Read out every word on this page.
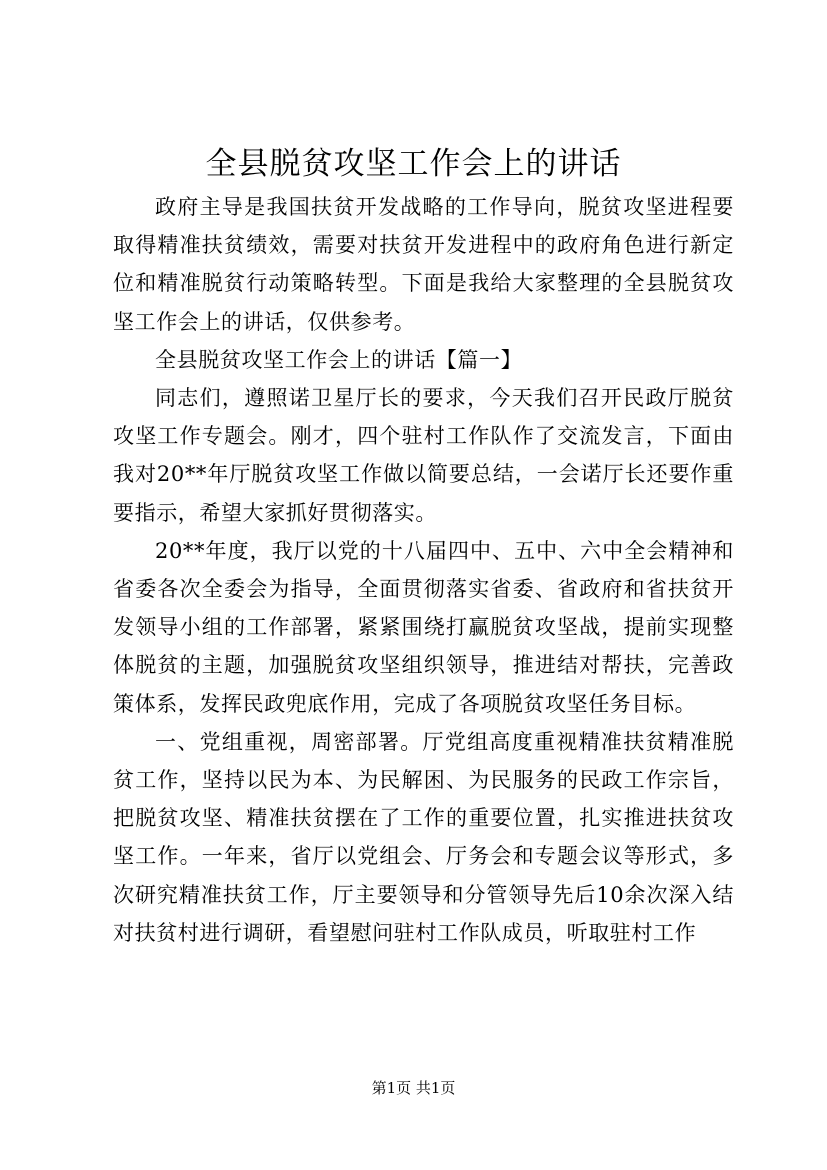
全县脱贫攻坚工作会上的讲话

政府主导是我国扶贫开发战略的工作导向，脱贫攻坚进程要取得精准扶贫绩效，需要对扶贫开发进程中的政府角色进行新定位和精准脱贫行动策略转型。下面是我给大家整理的全县脱贫攻坚工作会上的讲话，仅供参考。

全县脱贫攻坚工作会上的讲话【篇一】

同志们，遵照诺卫星厅长的要求，今天我们召开民政厅脱贫攻坚工作专题会。刚才，四个驻村工作队作了交流发言，下面由我对20**年厅脱贫攻坚工作做以简要总结，一会诺厅长还要作重要指示，希望大家抓好贯彻落实。

20**年度，我厅以党的十八届四中、五中、六中全会精神和省委各次全委会为指导，全面贯彻落实省委、省政府和省扶贫开发领导小组的工作部署，紧紧围绕打赢脱贫攻坚战，提前实现整体脱贫的主题，加强脱贫攻坚组织领导，推进结对帮扶，完善政策体系，发挥民政兜底作用，完成了各项脱贫攻坚任务目标。

一、党组重视，周密部署。厅党组高度重视精准扶贫精准脱贫工作，坚持以民为本、为民解困、为民服务的民政工作宗旨，把脱贫攻坚、精准扶贫摆在了工作的重要位置，扎实推进扶贫攻坚工作。一年来，省厅以党组会、厅务会和专题会议等形式，多次研究精准扶贫工作，厅主要领导和分管领导先后10余次深入结对扶贫村进行调研，看望慰问驻村工作队成员，听取驻村工作

第1页 共1页
